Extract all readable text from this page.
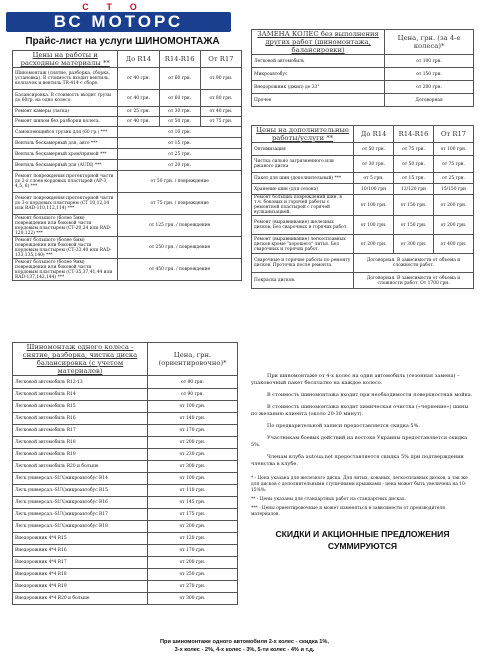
СТО
ВС МОТОРС
Прайс-лист на услуги ШИНОМОНТАЖА
Цены на работы и расходные материалы **	До R14	R14-R16	От R17
Шиномонтаж (снятие, разборка, сборка, установка). В стоимость входит вентиль, колпачок и вентиль TR-414 с сборе.	от 40 грн.	от 60 грн.	от 90 грн.
Балансировка. В стоимость входит грузы до 60гр. на одно колесо.	от 40 грн.	от 60 грн.	от 80 грн.
Ремонт камеры (латка)	от 25 грн.	от 30 грн.	от 40 грн.
Ремонт шипом без разборки колеса.	от 40 грн.	от 50 грн.	от 75 грн.
Самоклеющийся грузик для (60 гр.) ***	от 10 грн.		
Вентиль бескамерный для, авто ***	от 15 грн.		
Вентиль бескамерный хром/прямой ***	от 25 грн.		
Вентиль бескамерный для (AUDI) ***	от 20 грн.		
Ремонт повреждения протекторной части до 2-х слоев кордовых пластырей (АР-3, 4,5, 6) ***	от 50 грн. / повреждение		
Ремонт повреждения протекторной части до 3-х кордовых пластырем (СТ 10,12,14 или RAD-110,112,114) ***	от 75 грн. / повреждение		
Ремонт большого (более 5мм) повреждения или боковой части кордовым пластырем (СТ-20,24 или RAD-120,122) ***	от 125 грн. / повреждение		
Ремонт большого (более 6мм) повреждения или боковой части кордовым пластырем (СТ-33,40 или RAD-133,135,140) ***	от 250 грн. / повреждение		
Ремонт большого (более 9мм) повреждения или боковой части кордовым пластырем (СТ-35,37,41,44 или RAD-137,142,144) ***	от 450 грн. / повреждение		
ЗАМЕНА КОЛЕС без выполнения других работ (шиномонтажа, балансировки)	Цена, грн. (за 4-е колеса)*
Легковой автомобиль	от 100 грн.
Микроавтобус	от 150 грн.
Внедорожник (джип) до 33"	от 200 грн.
Прочее	Договорная
Цены на дополнительные работы/услуги **	До R14	R14-R16	От R17
Оптимизация	от 50 грн.	от 75 грн.	от 100 грн.
Чистка сильно загрязненного или ржавого диска	от 30 грн.	от 50 грн.	от 75 грн.
Пакет для шин (дополнительный) ***	от 5 грн.	от 15 грн.	от 25 грн.
Хранение шин (для сезона)	10/100 грн	12/120 грн	15/150 грн
Ремонт больших повреждений шин, в т.ч. боковых и горячей работы с ремонтной пластырей с горячей вулканизацией.	от 100 грн.	от 150 грн.	от 200 грн.
Ремонт (выравнивание) железных дисков. Без сварочных и горячих работ.	от 100 грн.	от 150 грн.	от 200 грн.
Ремонт (выравнивание) легкосплавных дисков кроме "хорошего" литья. Без сварочных и горячих работ.	от 200 грн.	от 300 грн.	от 400 грн.
Сварочные и горячие работы по ремонту дисков. Проточка после ремонта.	Договорная. В зависимости от объема и сложности работ.		
Покраска дисков.	Договорная. В зависимости от объема и сложности работ. От 1700 грн.		
Шиномонтаж одного колеса - снятие, разборка, чистка диска балансировка (с учетом материалов)	Цена, грн. (ориентировочно)*
Легковой автомобиль R12-13	от 80 грн.
Легковой автомобиль R14	от 90 грн.
Легковой автомобиль R15	от 100 грн.
Легковой автомобиль R16	от 140 грн.
Легковой автомобиль R17	от 170 грн.
Легковой автомобиль R18	от 200 грн.
Легковой автомобиль R19	от 230 грн.
Легковой автомобиль R20 и больше	от 300 грн.
Легк.универсал.-SUV,микроавтобус R14	от 100 грн.
Легк.универсал.-SUV,микроавтобус R15	от 110 грн.
Легк.универсал.-SUV,микроавтобус R16	от 145 грн.
Легк.универсал.-SUV,микроавтобус R17	от 175 грн.
Легк.универсал.-SUV,микроавтобус R18	от 200 грн.
Внедорожник 4*4 R15	от 120 грн.
Внедорожник 4*4 R16	от 170 грн.
Внедорожник 4*4 R17	от 200 грн.
Внедорожник 4*4 R18	от 250 грн.
Внедорожник 4*4 R19	от 270 грн.
Внедорожник 4*4 R20 и больше	от 300 грн.

При шиномонтаже от 4-х колес на один автомобиль (сезонная замена) – упаковочный пакет бесплатно на каждое колесо.

В стоимость шиномонтажа входит при необходимости поверхностная мойка.

В стоимость шиномонтажа входит химическая очистка («чернение») шины по желанию клиента (около 20-30 минут).

По предварительной записи предоставляется скидка 5%.

Участникам боевых действий на востоке Украины предоставляется скидка 5%.

Членам клуба autoua.net предоставляется скидка 5% при подтверждении членства в клубе.

* - Цена указана для железного диска. Для литых, кованых, легкосплавных дисков, а так же для дисков с дополнительными ступичными крышками - цена может быть увеличена на 10-15%%.

** - Цены указаны для стандартных работ на стандартных дисках.

*** - Цены ориентировочные и может изменяться в зависимости от производителя материалов.

СКИДКИ И АКЦИОННЫЕ ПРЕДЛОЖЕНИЯ
СУММИРУЮТСЯ
При шиномонтаже одного автомобиля 2-х колес - скидка 1%,
3-х колес - 2%, 4-х колес - 3%, 5-ти колес - 4% и т.д.
